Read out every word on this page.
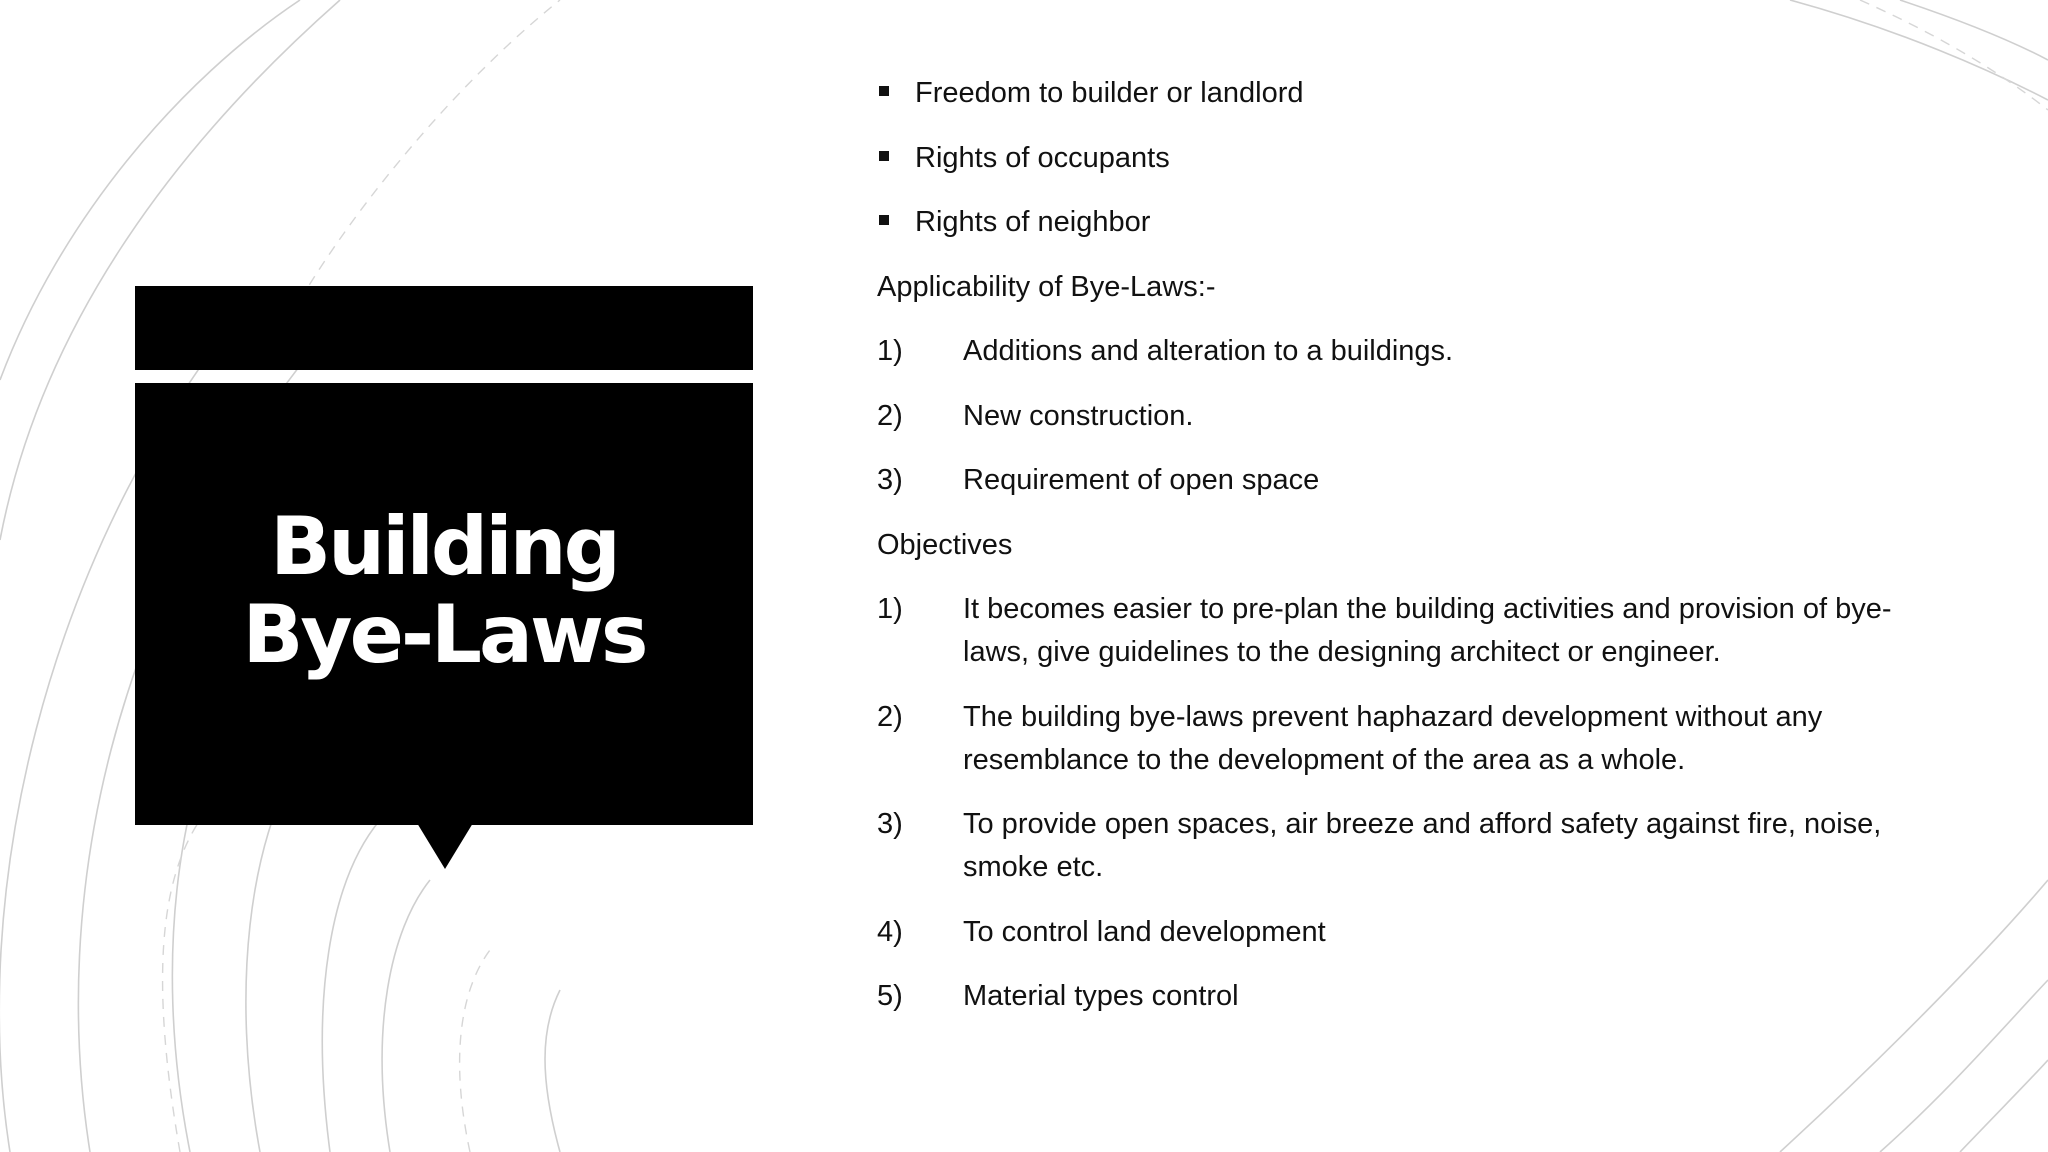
Building Bye-Laws
Freedom to builder or landlord
Rights of occupants
Rights of neighbor
Applicability of Bye-Laws:-
1) Additions and alteration to a buildings.
2) New construction.
3) Requirement of open space
Objectives
1) It becomes easier to pre-plan the building activities and provision of bye-laws, give guidelines to the designing architect or engineer.
2) The building bye-laws prevent haphazard development without any resemblance to the development of the area as a whole.
3) To provide open spaces, air breeze and afford safety against fire, noise, smoke etc.
4) To control land development
5) Material types control
